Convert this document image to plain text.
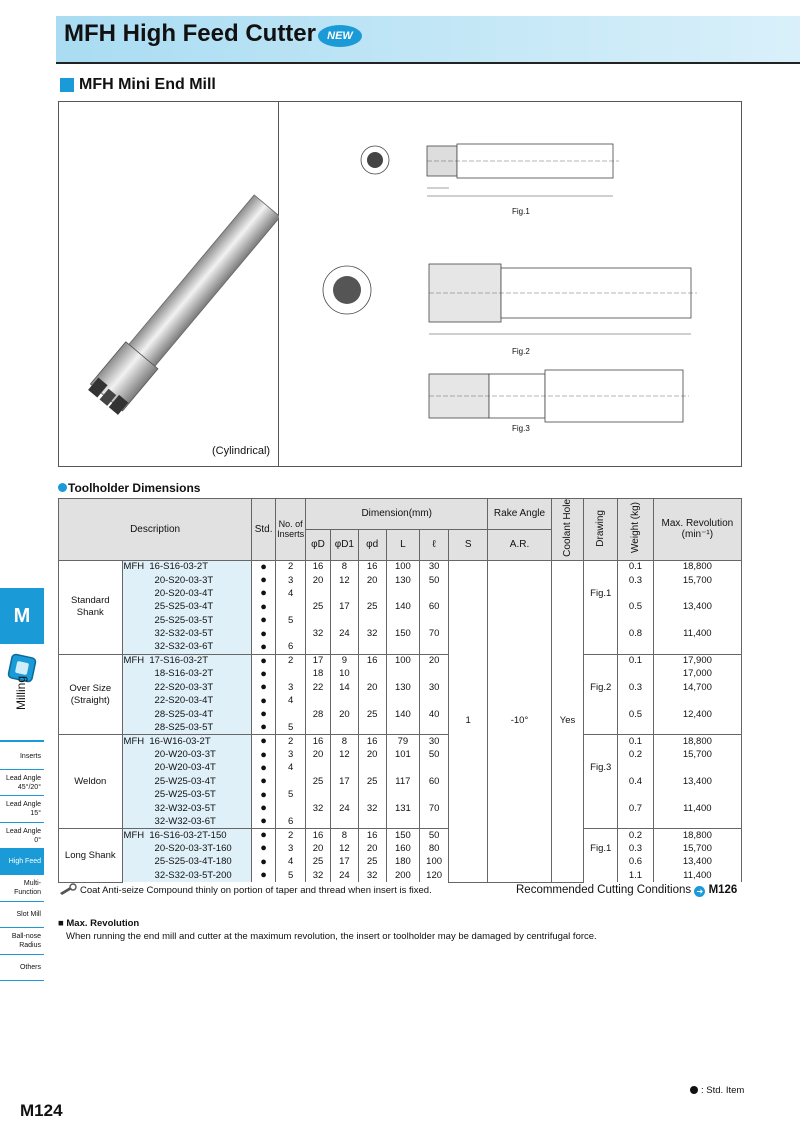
MFH High Feed Cutter	NEW
MFH Mini End Mill
Fig.1
Fig.2
Fig.3
(Cylindrical)
Toolholder Dimensions
Description		Std.	No. of Inserts	Dimension(mm)						Rake Angle	Coolant Hole	Drawing	Weight (kg)	Max. Revolution
(min⁻¹)

				φD	φD1	φd	L	ℓ	S	A.R.				
Standard Shank	MFH  16-S16-03-2T	●	2	16	8	16	100	30	1	-10°	Yes		0.1	18,800
	20-S20-03-3T	●	3	20	12	20	130	50					0.3	15,700
	20-S20-03-4T	●	4									Fig.1		
	25-S25-03-4T	●		25	17	25	140	60					0.5	13,400
	25-S25-03-5T	●	5											
	32-S32-03-5T	●		32	24	32	150	70					0.8	11,400
	32-S32-03-6T	●	6											
Over Size (Straight)	MFH  17-S16-03-2T	●	2	17	9	16	100	20					0.1	17,900
	18-S16-03-2T	●		18	10									17,000
	22-S20-03-3T	●	3	22	14	20	130	30				Fig.2	0.3	14,700
	22-S20-03-4T	●	4											
	28-S25-03-4T	●		28	20	25	140	40					0.5	12,400
	28-S25-03-5T	●	5											
Weldon	MFH  16-W16-03-2T	●	2	16	8	16	79	30					0.1	18,800
	20-W20-03-3T	●	3	20	12	20	101	50					0.2	15,700
	20-W20-03-4T	●	4									Fig.3		
	25-W25-03-4T	●		25	17	25	117	60					0.4	13,400
	25-W25-03-5T	●	5											
	32-W32-03-5T	●		32	24	32	131	70					0.7	11,400
	32-W32-03-6T	●	6											
Long Shank	MFH  16-S16-03-2T-150	●	2	16	8	16	150	50					0.2	18,800
	20-S20-03-3T-160	●	3	20	12	20	160	80				Fig.1	0.3	15,700
	25-S25-03-4T-180	●	4	25	17	25	180	100					0.6	13,400
	32-S32-03-5T-200	●	5	32	24	32	200	120					1.1	11,400
Coat Anti-seize Compound thinly on portion of taper and thread when insert is fixed.	Recommended Cutting Conditions ➔ M126
■ Max. Revolution
When running the end mill and cutter at the maximum revolution, the insert or toolholder may be damaged by centrifugal force.
M
Milling
Inserts
Lead Angle 45°/20°
Lead Angle 15°
Lead Angle 0°
High Feed
Multi-Function
Slot Mill
Ball-nose Radius
Others
: Std. Item
M124
